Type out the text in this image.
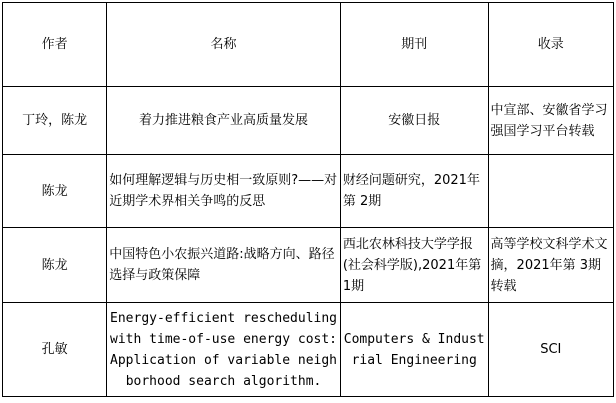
作者	名称	期刊	收录
丁玲，陈龙	着力推进粮食产业高质量发展	安徽日报	中宣部、安徽省学习强国学习平台转载
陈龙	如何理解逻辑与历史相一致原则?——对近期学术界相关争鸣的反思	财经问题研究，2021年第 2期	
陈龙	中国特色小农振兴道路:战略方向、路径选择与政策保障	西北农林科技大学学报(社会科学版),2021年第 1期	高等学校文科学术文摘，2021年第 3期转载
孔敏	Energy-efficient rescheduling with time-of-use energy cost: Application of variable neighborhood search algorithm.	Computers & Industrial Engineering	SCI
